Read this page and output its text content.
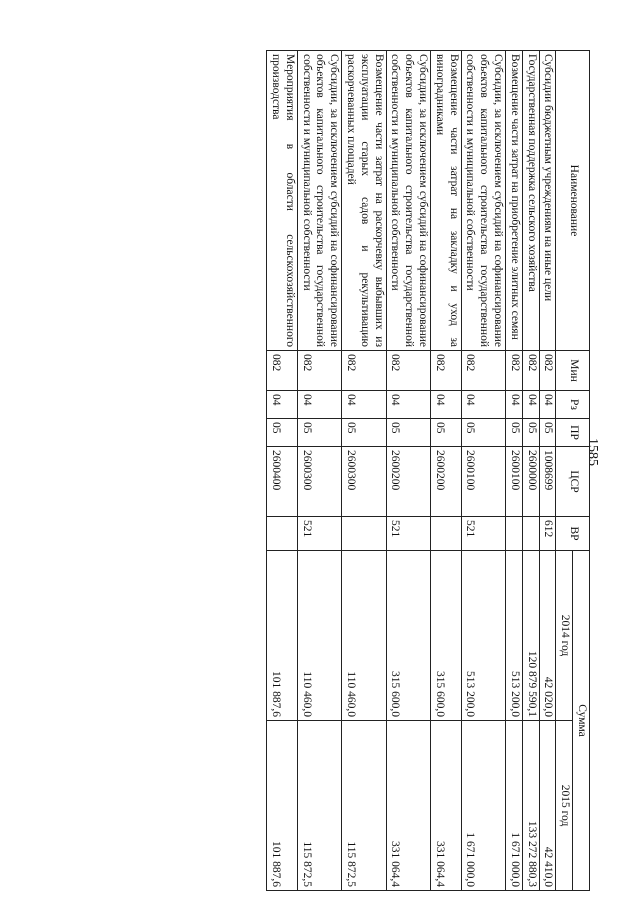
1585
Наименование	Мин	Рз	ПР	ЦСР	ВР	Сумма	
						2014 год	2015 год
Субсидии бюджетным учреждениям на иные цели	082	04	05	1008699	612	42 020,0	42 410,0
Государственная поддержка сельского хозяйства	082	04	05	2600000		120 879 590,1	133 272 880,3
Возмещение части затрат на приобретение элитных семян	082	04	05	2600100		513 200,0	1 671 000,0
Субсидии, за исключением субсидий на софинансирование объектов капитального строительства государственной собственности и муниципальной собственности	082	04	05	2600100	521	513 200,0	1 671 000,0
Возмещение части затрат на закладку и уход за виноградниками	082	04	05	2600200		315 600,0	331 064,4
Субсидии, за исключением субсидий на софинансирование объектов капитального строительства государственной собственности и муниципальной собственности	082	04	05	2600200	521	315 600,0	331 064,4
Возмещение части затрат на раскорчевку выбывших из эксплуатации старых садов и рекультивацию раскорчеванных площадей	082	04	05	2600300		110 460,0	115 872,5
Субсидии, за исключением субсидий на софинансирование объектов капитального строительства государственной собственности и муниципальной собственности	082	04	05	2600300	521	110 460,0	115 872,5
Мероприятия в области сельскохозяйственного производства	082	04	05	2600400		101 887,6	101 887,6
